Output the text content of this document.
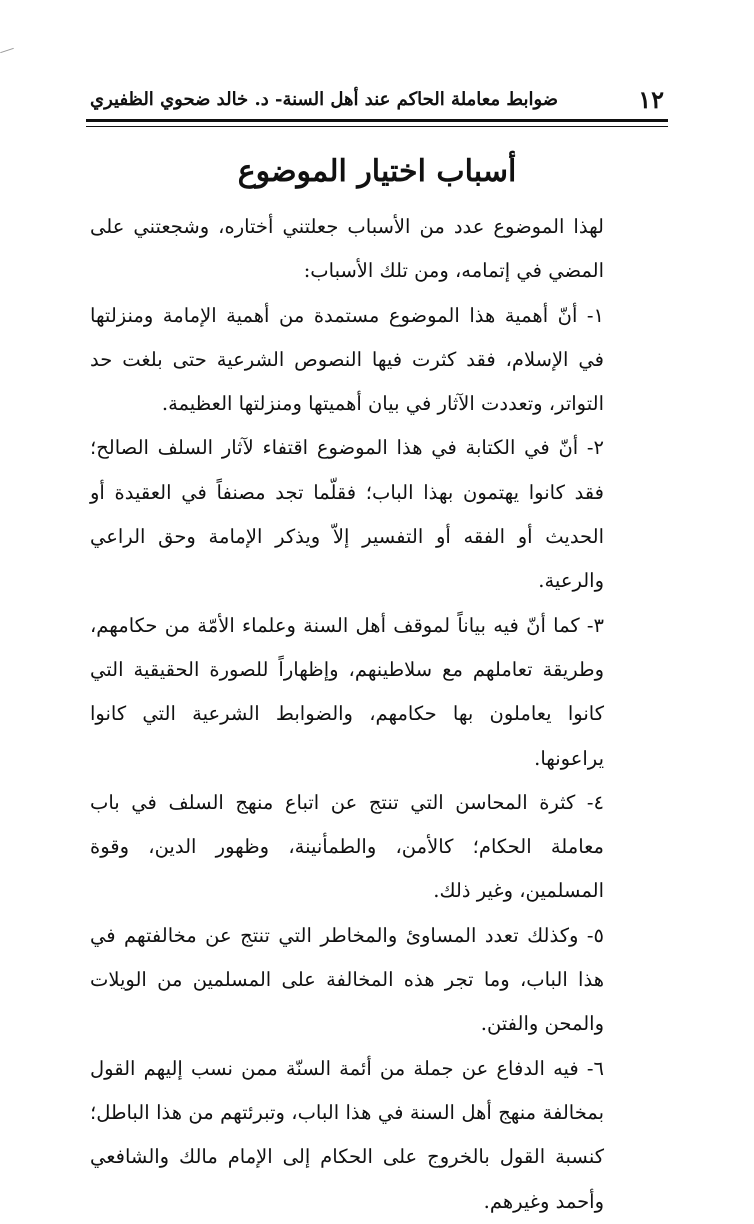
١٢
ضوابط معاملة الحاكم عند أهل السنة- د. خالد ضحوي الظفيري
أسباب اختيار الموضوع

لهذا الموضوع عدد من الأسباب جعلتني أختاره، وشجعتني على المضي في إتمامه، ومن تلك الأسباب:

١- أنّ أهمية هذا الموضوع مستمدة من أهمية الإمامة ومنزلتها في الإسلام، فقد كثرت فيها النصوص الشرعية حتى بلغت حد التواتر، وتعددت الآثار في بيان أهميتها ومنزلتها العظيمة.

٢- أنّ في الكتابة في هذا الموضوع اقتفاء لآثار السلف الصالح؛ فقد كانوا يهتمون بهذا الباب؛ فقلّما تجد مصنفاً في العقيدة أو الحديث أو الفقه أو التفسير إلاّ ويذكر الإمامة وحق الراعي والرعية.

٣- كما أنّ فيه بياناً لموقف أهل السنة وعلماء الأمّة من حكامهم، وطريقة تعاملهم مع سلاطينهم، وإظهاراً للصورة الحقيقية التي كانوا يعاملون بها حكامهم، والضوابط الشرعية التي كانوا يراعونها.

٤- كثرة المحاسن التي تنتج عن اتباع منهج السلف في باب معاملة الحكام؛ كالأمن، والطمأنينة، وظهور الدين، وقوة المسلمين، وغير ذلك.

٥- وكذلك تعدد المساوئ والمخاطر التي تنتج عن مخالفتهم في هذا الباب، وما تجر هذه المخالفة على المسلمين من الويلات والمحن والفتن.

٦- فيه الدفاع عن جملة من أئمة السنّة ممن نسب إليهم القول بمخالفة منهج أهل السنة في هذا الباب، وتبرئتهم من هذا الباطل؛ كنسبة القول بالخروج على الحكام إلى الإمام مالك والشافعي وأحمد وغيرهم.
